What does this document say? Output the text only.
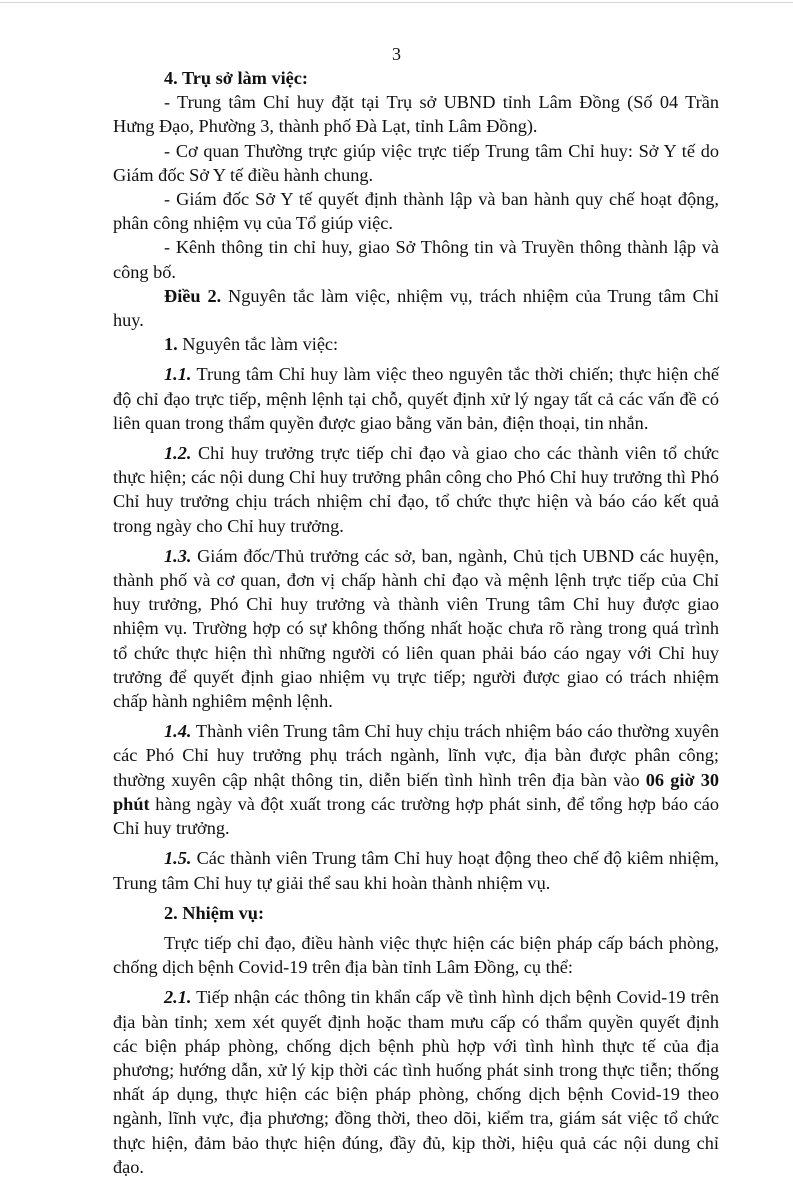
3

4. Trụ sở làm việc:

- Trung tâm Chỉ huy đặt tại Trụ sở UBND tỉnh Lâm Đồng (Số 04 Trần Hưng Đạo, Phường 3, thành phố Đà Lạt, tỉnh Lâm Đồng).

- Cơ quan Thường trực giúp việc trực tiếp Trung tâm Chỉ huy: Sở Y tế do Giám đốc Sở Y tế điều hành chung.

- Giám đốc Sở Y tế quyết định thành lập và ban hành quy chế hoạt động, phân công nhiệm vụ của Tổ giúp việc.

- Kênh thông tin chỉ huy, giao Sở Thông tin và Truyền thông thành lập và công bố.

Điều 2. Nguyên tắc làm việc, nhiệm vụ, trách nhiệm của Trung tâm Chỉ huy.

1. Nguyên tắc làm việc:

1.1. Trung tâm Chỉ huy làm việc theo nguyên tắc thời chiến; thực hiện chế độ chỉ đạo trực tiếp, mệnh lệnh tại chỗ, quyết định xử lý ngay tất cả các vấn đề có liên quan trong thẩm quyền được giao bằng văn bản, điện thoại, tin nhắn.

1.2. Chỉ huy trưởng trực tiếp chỉ đạo và giao cho các thành viên tổ chức thực hiện; các nội dung Chỉ huy trưởng phân công cho Phó Chỉ huy trưởng thì Phó Chỉ huy trưởng chịu trách nhiệm chỉ đạo, tổ chức thực hiện và báo cáo kết quả trong ngày cho Chỉ huy trưởng.

1.3. Giám đốc/Thủ trưởng các sở, ban, ngành, Chủ tịch UBND các huyện, thành phố và cơ quan, đơn vị chấp hành chỉ đạo và mệnh lệnh trực tiếp của Chỉ huy trưởng, Phó Chỉ huy trưởng và thành viên Trung tâm Chỉ huy được giao nhiệm vụ. Trường hợp có sự không thống nhất hoặc chưa rõ ràng trong quá trình tổ chức thực hiện thì những người có liên quan phải báo cáo ngay với Chỉ huy trưởng để quyết định giao nhiệm vụ trực tiếp; người được giao có trách nhiệm chấp hành nghiêm mệnh lệnh.

1.4. Thành viên Trung tâm Chỉ huy chịu trách nhiệm báo cáo thường xuyên các Phó Chỉ huy trưởng phụ trách ngành, lĩnh vực, địa bàn được phân công; thường xuyên cập nhật thông tin, diễn biến tình hình trên địa bàn vào 06 giờ 30 phút hàng ngày và đột xuất trong các trường hợp phát sinh, để tổng hợp báo cáo Chỉ huy trưởng.

1.5. Các thành viên Trung tâm Chỉ huy hoạt động theo chế độ kiêm nhiệm, Trung tâm Chỉ huy tự giải thể sau khi hoàn thành nhiệm vụ.

2. Nhiệm vụ:

Trực tiếp chỉ đạo, điều hành việc thực hiện các biện pháp cấp bách phòng, chống dịch bệnh Covid-19 trên địa bàn tỉnh Lâm Đồng, cụ thể:

2.1. Tiếp nhận các thông tin khẩn cấp về tình hình dịch bệnh Covid-19 trên địa bàn tỉnh; xem xét quyết định hoặc tham mưu cấp có thẩm quyền quyết định các biện pháp phòng, chống dịch bệnh phù hợp với tình hình thực tế của địa phương; hướng dẫn, xử lý kịp thời các tình huống phát sinh trong thực tiễn; thống nhất áp dụng, thực hiện các biện pháp phòng, chống dịch bệnh Covid-19 theo ngành, lĩnh vực, địa phương; đồng thời, theo dõi, kiểm tra, giám sát việc tổ chức thực hiện, đảm bảo thực hiện đúng, đầy đủ, kịp thời, hiệu quả các nội dung chỉ đạo.
